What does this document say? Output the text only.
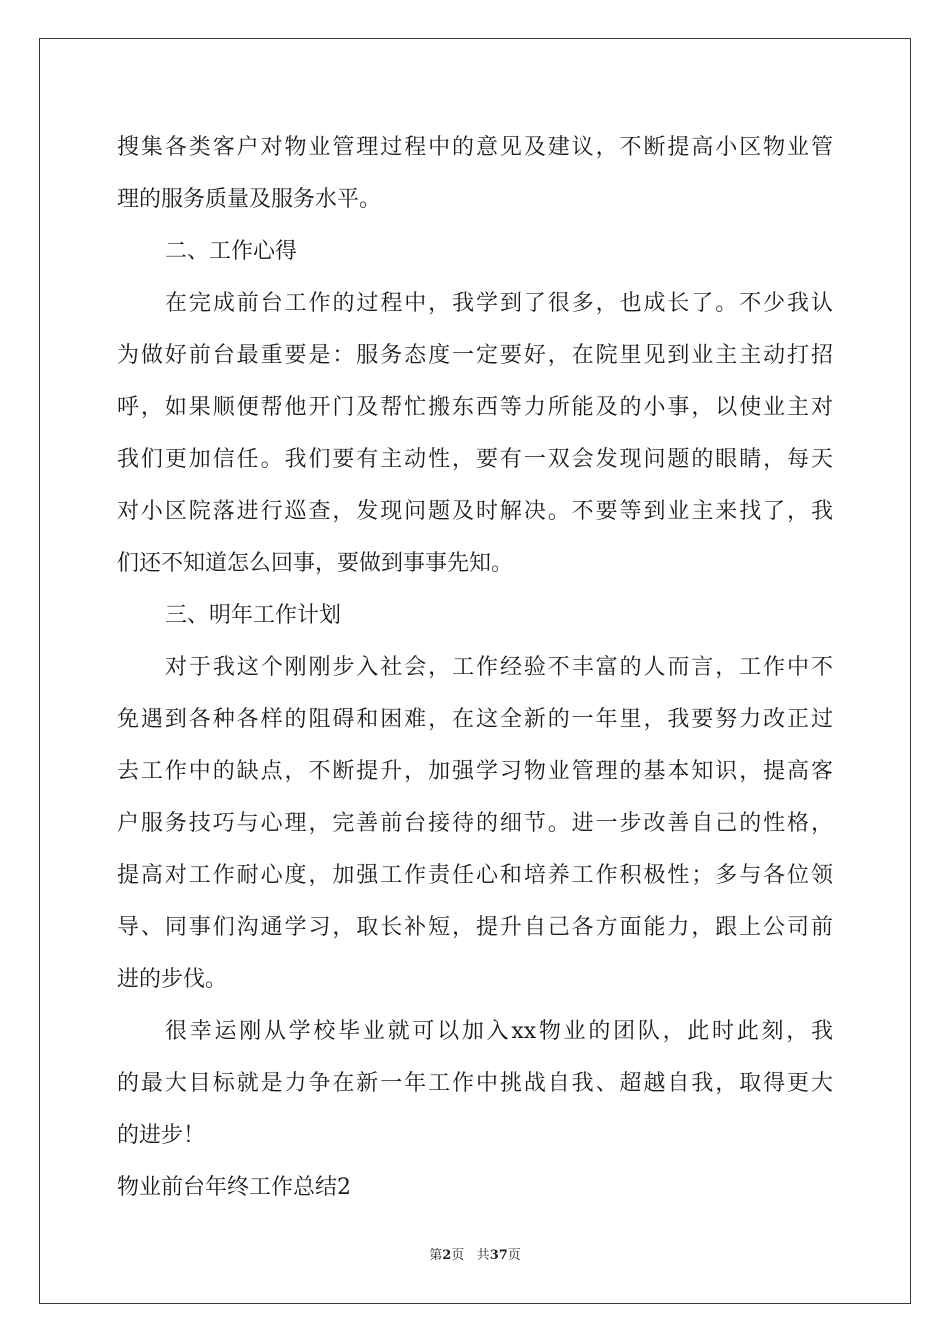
搜集各类客户对物业管理过程中的意见及建议，不断提高小区物业管
理的服务质量及服务水平。
二、工作心得
在完成前台工作的过程中，我学到了很多，也成长了。不少我认
为做好前台最重要是：服务态度一定要好，在院里见到业主主动打招
呼，如果顺便帮他开门及帮忙搬东西等力所能及的小事，以使业主对
我们更加信任。我们要有主动性，要有一双会发现问题的眼睛，每天
对小区院落进行巡查，发现问题及时解决。不要等到业主来找了，我
们还不知道怎么回事，要做到事事先知。
三、明年工作计划
对于我这个刚刚步入社会，工作经验不丰富的人而言，工作中不
免遇到各种各样的阻碍和困难，在这全新的一年里，我要努力改正过
去工作中的缺点，不断提升，加强学习物业管理的基本知识，提高客
户服务技巧与心理，完善前台接待的细节。进一步改善自己的性格，
提高对工作耐心度，加强工作责任心和培养工作积极性；多与各位领
导、同事们沟通学习，取长补短，提升自己各方面能力，跟上公司前
进的步伐。
很幸运刚从学校毕业就可以加入xx物业的团队，此时此刻，我
的最大目标就是力争在新一年工作中挑战自我、超越自我，取得更大
的进步！
物业前台年终工作总结2
第2页 共37页
